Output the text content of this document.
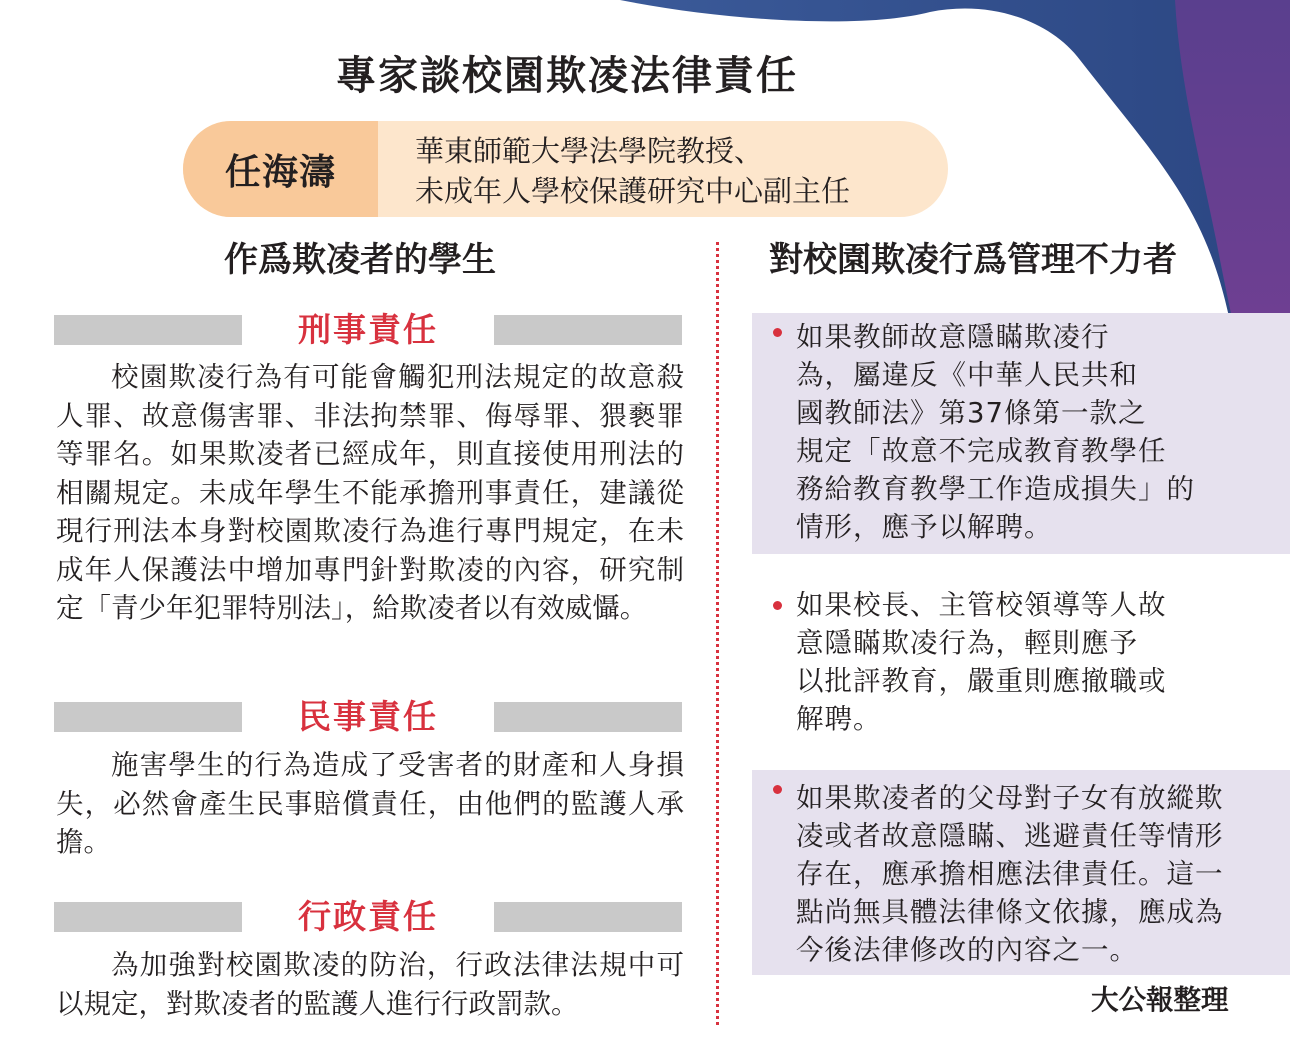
專家談校園欺凌法律責任
任海濤	華東師範大學法學院教授、
未成年人學校保護研究中心副主任
作爲欺凌者的學生	對校園欺凌行爲管理不力者
刑事責任

校園欺凌行為有可能會觸犯刑法規定的故意殺人罪、故意傷害罪、非法拘禁罪、侮辱罪、猥褻罪等罪名。如果欺凌者已經成年，則直接使用刑法的相關規定。未成年學生不能承擔刑事責任，建議從現行刑法本身對校園欺凌行為進行專門規定，在未成年人保護法中增加專門針對欺凌的內容，研究制定「青少年犯罪特別法」，給欺凌者以有效威懾。

民事責任

施害學生的行為造成了受害者的財產和人身損失，必然會產生民事賠償責任，由他們的監護人承擔。

行政責任

為加強對校園欺凌的防治，行政法律法規中可以規定，對欺凌者的監護人進行行政罰款。

如果教師故意隱瞞欺凌行
為，屬違反《中華人民共和
國教師法》第37條第一款之
規定「故意不完成教育教學任
務給教育教學工作造成損失」的
情形，應予以解聘。
如果校長、主管校領導等人故
意隱瞞欺凌行為，輕則應予
以批評教育，嚴重則應撤職或
解聘。
如果欺凌者的父母對子女有放縱欺
凌或者故意隱瞞、逃避責任等情形
存在，應承擔相應法律責任。這一
點尚無具體法律條文依據，應成為
今後法律修改的內容之一。
大公報整理
